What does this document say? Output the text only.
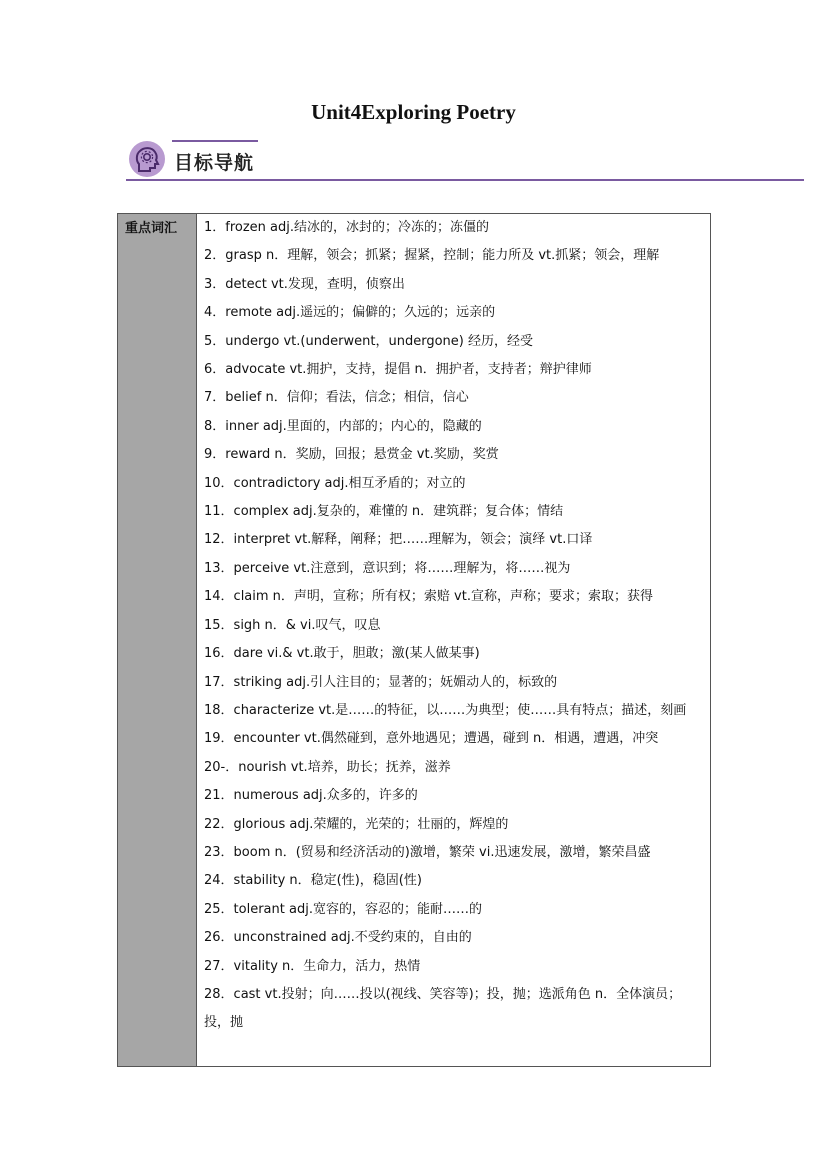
Unit4Exploring Poetry
目标导航
重点词汇 1．frozen adj.结冰的，冰封的；冷冻的；冻僵的
2．grasp n．理解，领会；抓紧；握紧，控制；能力所及 vt.抓紧；领会，理解
3．detect vt.发现，查明，侦察出
4．remote adj.遥远的；偏僻的；久远的；远亲的
5．undergo vt.(underwent，undergone) 经历，经受
6．advocate vt.拥护，支持，提倡 n．拥护者，支持者；辩护律师
7．belief n．信仰；看法，信念；相信，信心
8．inner adj.里面的，内部的；内心的，隐藏的
9．reward n．奖励，回报；悬赏金 vt.奖励，奖赏
10．contradictory adj.相互矛盾的；对立的
11．complex adj.复杂的，难懂的 n．建筑群；复合体；情结
12．interpret vt.解释，阐释；把……理解为，领会；演绎 vt.口译
13．perceive vt.注意到，意识到；将……理解为，将……视为
14．claim n．声明，宣称；所有权；索赔 vt.宣称，声称；要求；索取；获得
15．sigh n．& vi.叹气，叹息
16．dare vi.& vt.敢于，胆敢；激(某人做某事)
17．striking adj.引人注目的；显著的；妩媚动人的，标致的
18．characterize vt.是……的特征，以……为典型；使……具有特点；描述，刻画
19．encounter vt.偶然碰到，意外地遇见；遭遇，碰到 n．相遇，遭遇，冲突
20-．nourish vt.培养，助长；抚养，滋养
21．numerous adj.众多的，许多的
22．glorious adj.荣耀的，光荣的；壮丽的，辉煌的
23．boom n．(贸易和经济活动的)激增，繁荣 vi.迅速发展，激增，繁荣昌盛
24．stability n．稳定(性)，稳固(性)
25．tolerant adj.宽容的，容忍的；能耐……的
26．unconstrained adj.不受约束的，自由的
27．vitality n．生命力，活力，热情
28．cast vt.投射；向……投以(视线、笑容等)；投，抛；选派角色 n．全体演员；投，抛
